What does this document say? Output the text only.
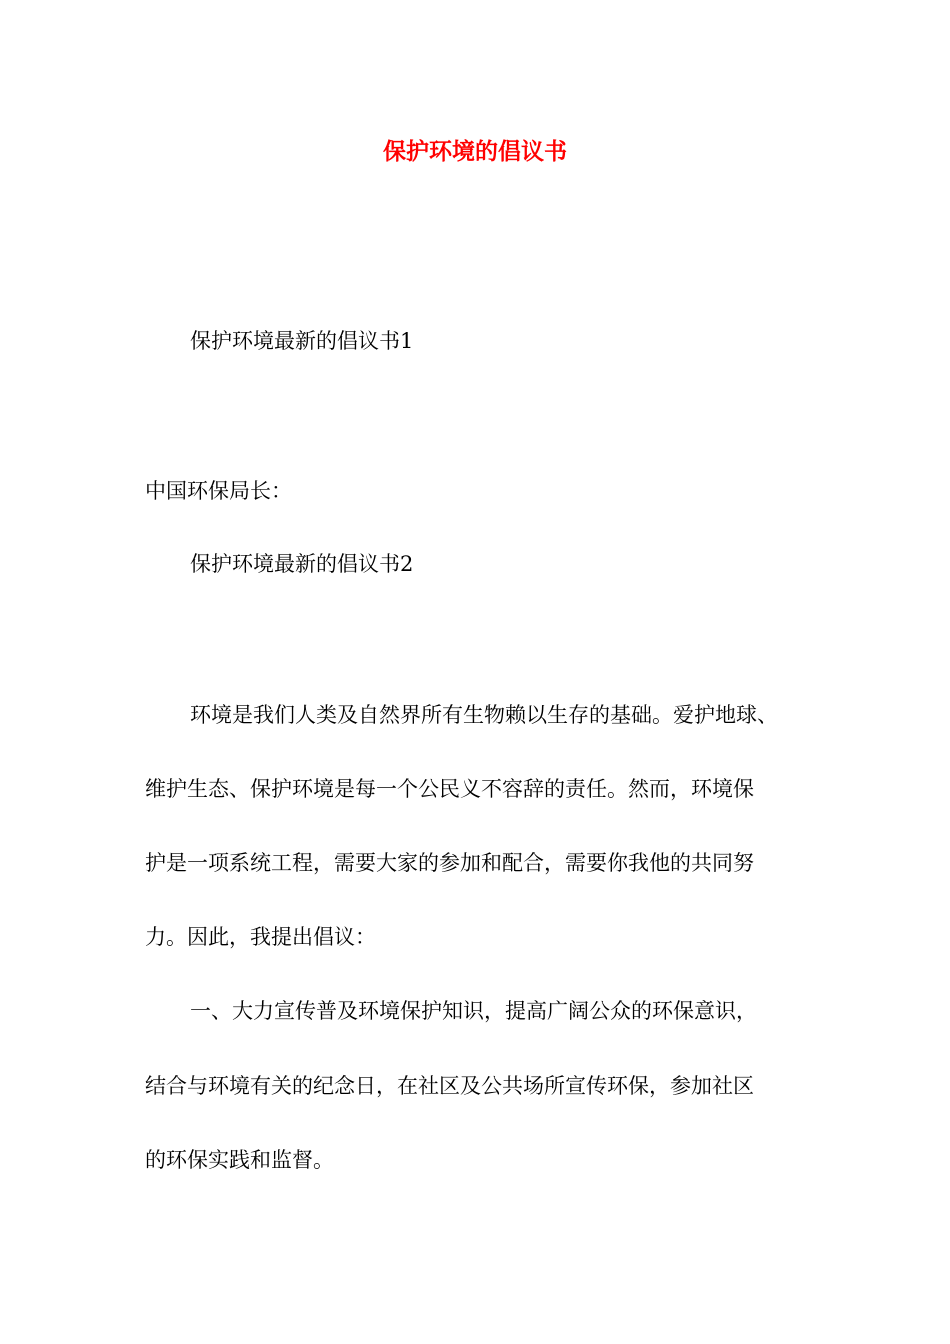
保护环境的倡议书

保护环境最新的倡议书1

中国环保局长：

保护环境最新的倡议书2

环境是我们人类及自然界所有生物赖以生存的基础。爱护地球、

维护生态、保护环境是每一个公民义不容辞的责任。然而，环境保

护是一项系统工程，需要大家的参加和配合，需要你我他的共同努

力。因此，我提出倡议：

一、大力宣传普及环境保护知识，提高广阔公众的环保意识，

结合与环境有关的纪念日，在社区及公共场所宣传环保，参加社区

的环保实践和监督。
